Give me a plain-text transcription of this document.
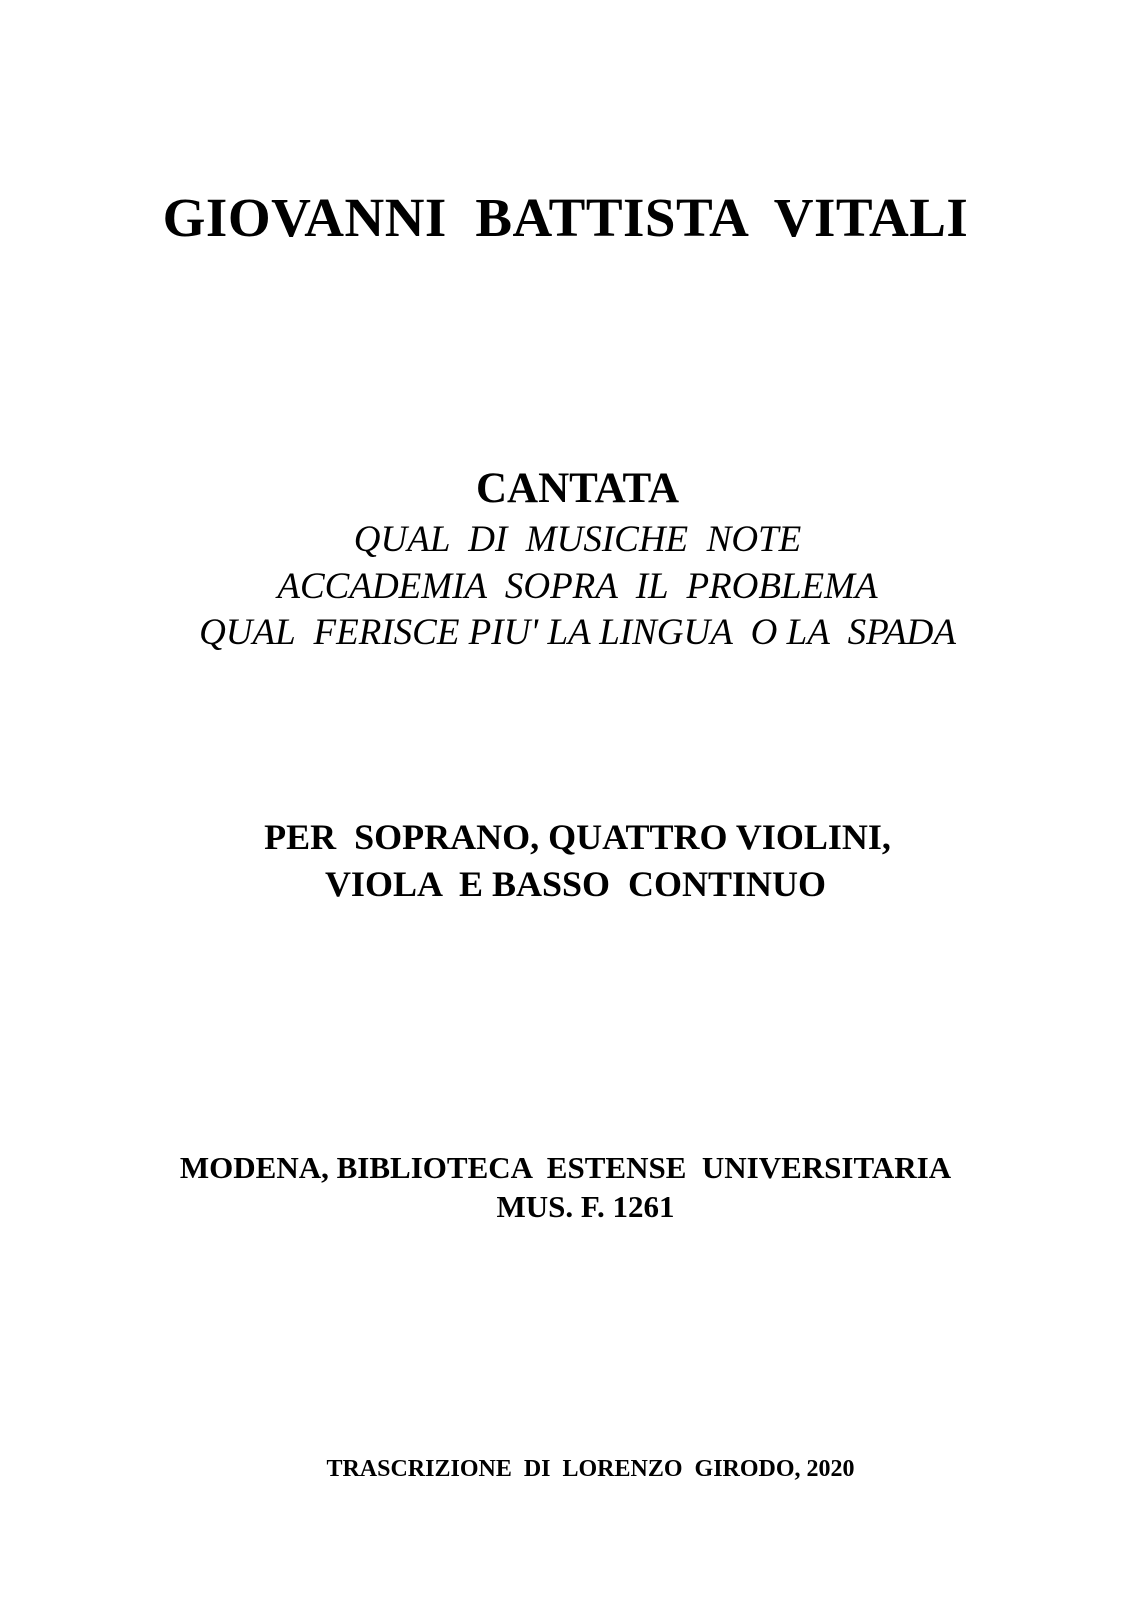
GIOVANNI  BATTISTA  VITALI
CANTATA
QUAL  DI  MUSICHE  NOTE
ACCADEMIA  SOPRA  IL  PROBLEMA
QUAL  FERISCE PIU' LA LINGUA  O LA  SPADA
PER  SOPRANO, QUATTRO VIOLINI,
VIOLA  E BASSO  CONTINUO
MODENA, BIBLIOTECA  ESTENSE  UNIVERSITARIA
MUS. F. 1261
TRASCRIZIONE  DI  LORENZO  GIRODO, 2020
